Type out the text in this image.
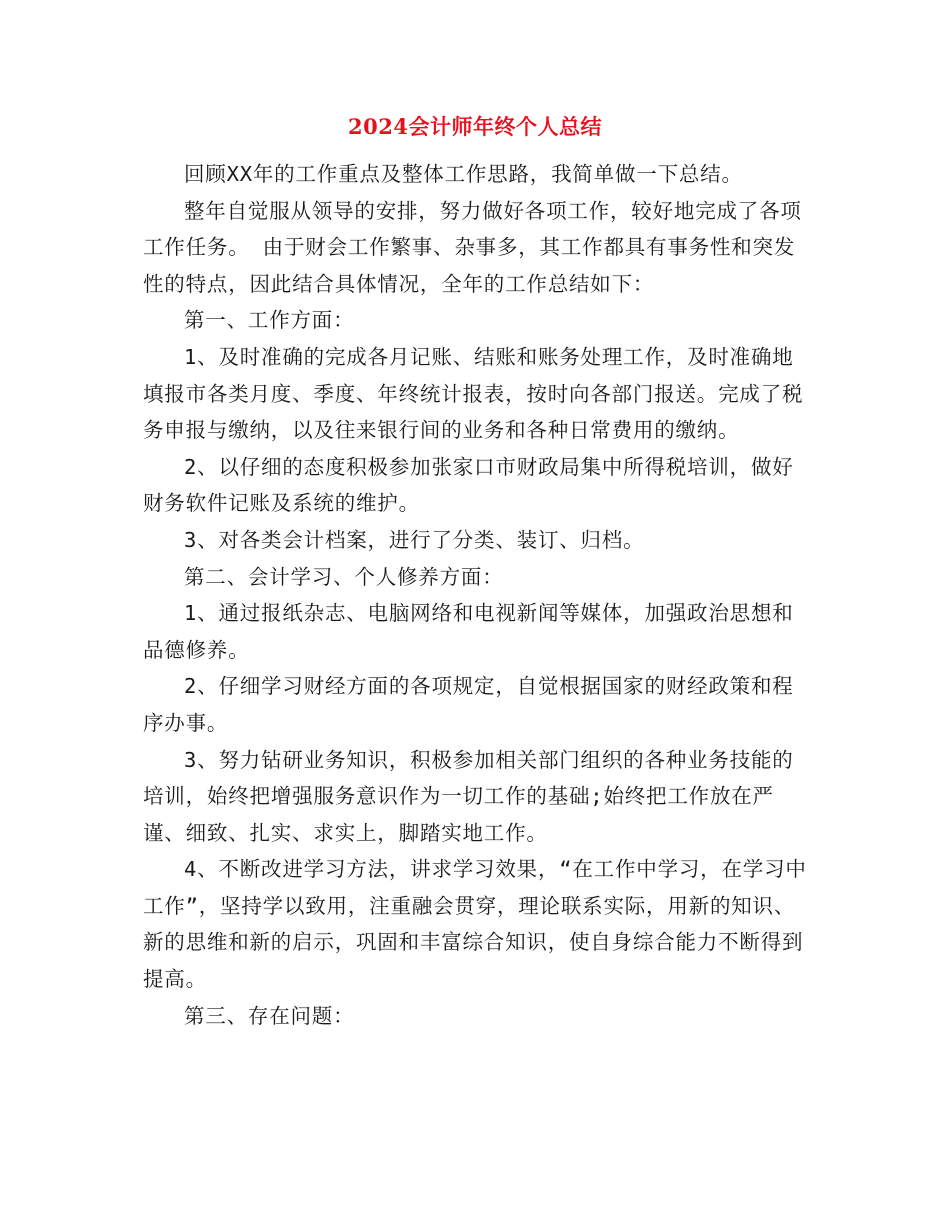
2024会计师年终个人总结

回顾XX年的工作重点及整体工作思路，我简单做一下总结。

整年自觉服从领导的安排，努力做好各项工作，较好地完成了各项工作任务。 由于财会工作繁事、杂事多，其工作都具有事务性和突发性的特点，因此结合具体情况，全年的工作总结如下：

第一、工作方面：

1、及时准确的完成各月记账、结账和账务处理工作，及时准确地填报市各类月度、季度、年终统计报表，按时向各部门报送。完成了税务申报与缴纳，以及往来银行间的业务和各种日常费用的缴纳。

2、以仔细的态度积极参加张家口市财政局集中所得税培训，做好财务软件记账及系统的维护。

3、对各类会计档案，进行了分类、装订、归档。

第二、会计学习、个人修养方面：

1、通过报纸杂志、电脑网络和电视新闻等媒体，加强政治思想和品德修养。

2、仔细学习财经方面的各项规定，自觉根据国家的财经政策和程序办事。

3、努力钻研业务知识，积极参加相关部门组织的各种业务技能的培训，始终把增强服务意识作为一切工作的基础;始终把工作放在严谨、细致、扎实、求实上，脚踏实地工作。

4、不断改进学习方法，讲求学习效果，“在工作中学习，在学习中工作”，坚持学以致用，注重融会贯穿，理论联系实际，用新的知识、新的思维和新的启示，巩固和丰富综合知识，使自身综合能力不断得到提高。

第三、存在问题：
